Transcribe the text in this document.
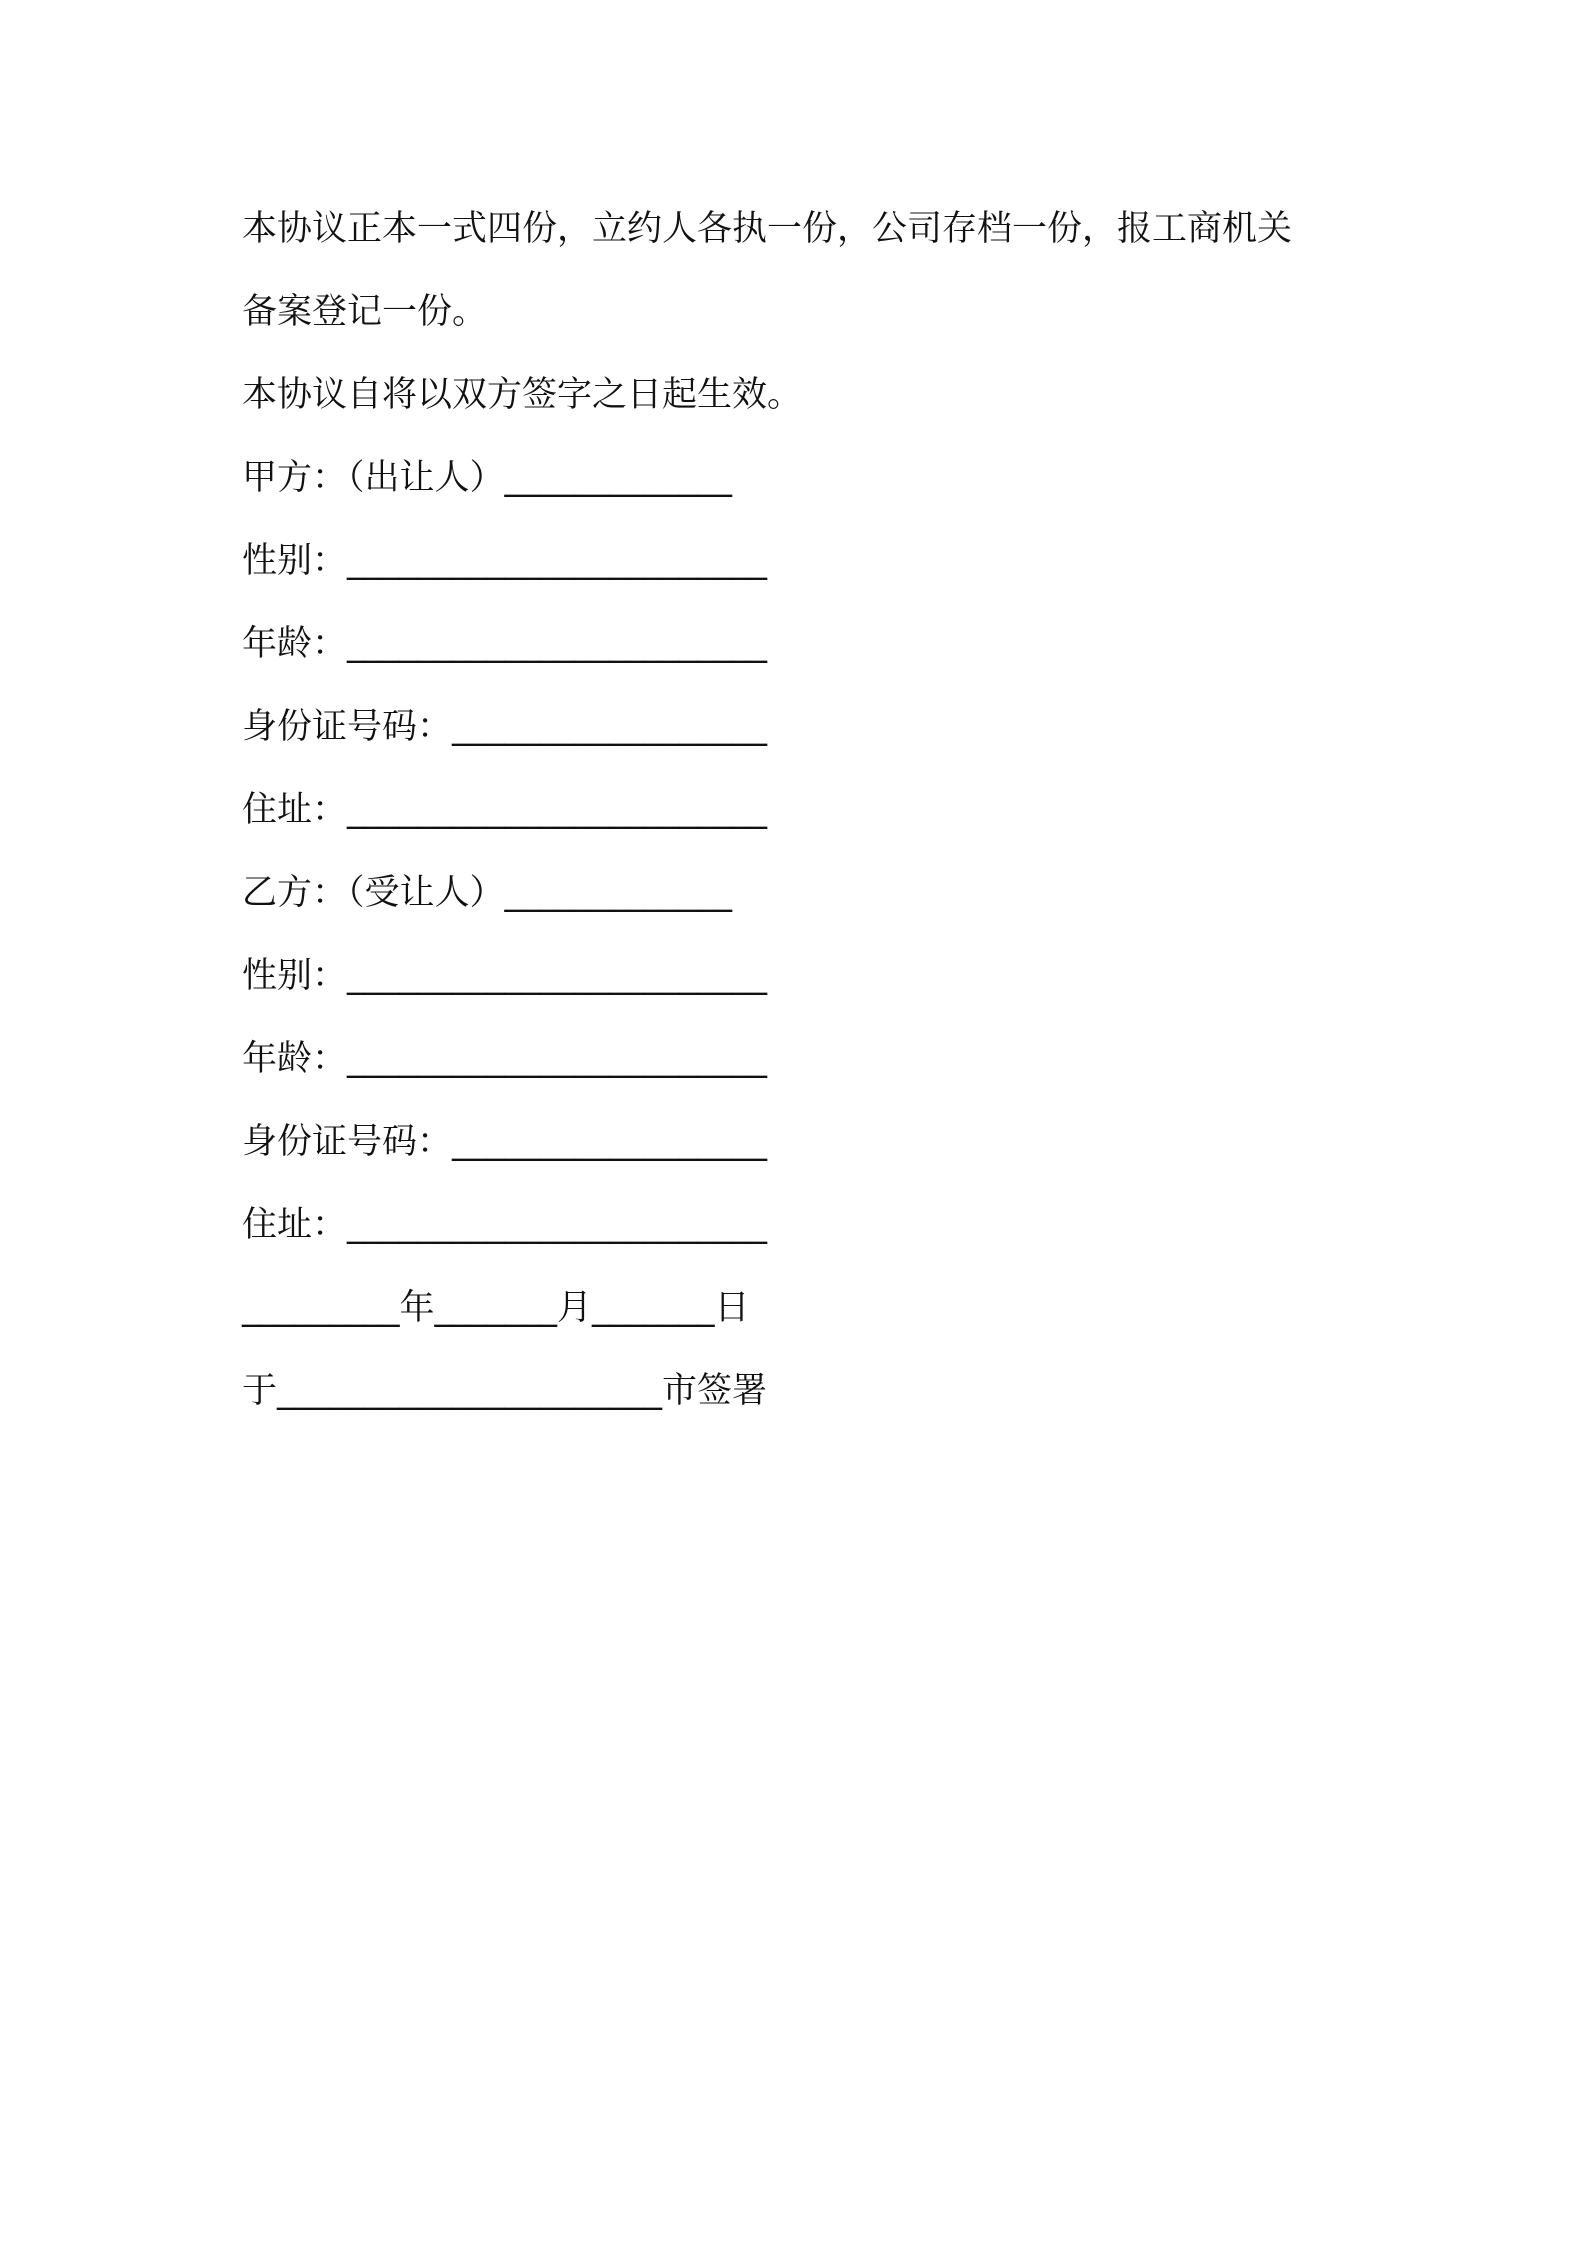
本协议正本一式四份，立约人各执一份，公司存档一份，报工商机关

备案登记一份。

本协议自将以双方签字之日起生效。

甲方：（出让人）_____________

性别：________________________

年龄：________________________

身份证号码：__________________

住址：________________________

乙方：（受让人）_____________

性别：________________________

年龄：________________________

身份证号码：__________________

住址：________________________

_________年_______月_______日

于______________________市签署
